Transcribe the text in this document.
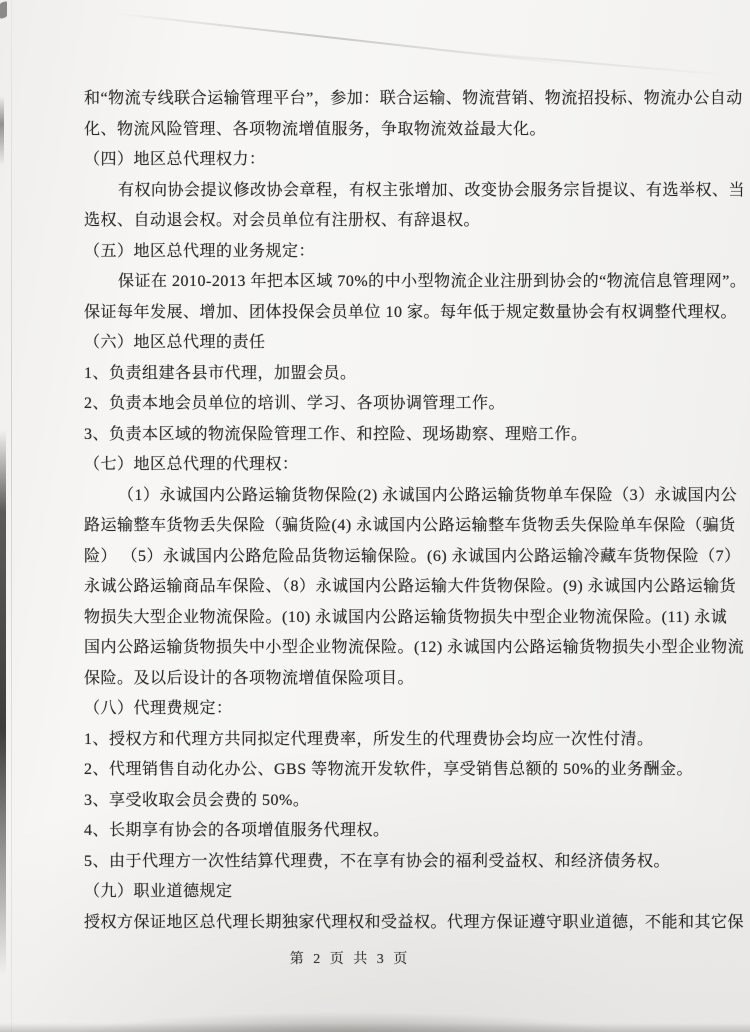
和“物流专线联合运输管理平台”，参加：联合运输、物流营销、物流招投标、物流办公自动
化、物流风险管理、各项物流增值服务，争取物流效益最大化。
（四）地区总代理权力：
有权向协会提议修改协会章程，有权主张增加、改变协会服务宗旨提议、有选举权、当
选权、自动退会权。对会员单位有注册权、有辞退权。
（五）地区总代理的业务规定：
保证在 2010-2013 年把本区域 70%的中小型物流企业注册到协会的“物流信息管理网”。
保证每年发展、增加、团体投保会员单位 10 家。每年低于规定数量协会有权调整代理权。
（六）地区总代理的责任
1、负责组建各县市代理，加盟会员。
2、负责本地会员单位的培训、学习、各项协调管理工作。
3、负责本区域的物流保险管理工作、和控险、现场勘察、理赔工作。
（七）地区总代理的代理权：
（1）永诚国内公路运输货物保险(2) 永诚国内公路运输货物单车保险（3）永诚国内公
路运输整车货物丢失保险（骗货险(4) 永诚国内公路运输整车货物丢失保险单车保险（骗货
险） （5）永诚国内公路危险品货物运输保险。(6) 永诚国内公路运输冷藏车货物保险（7）
永诚公路运输商品车保险、（8）永诚国内公路运输大件货物保险。(9) 永诚国内公路运输货
物损失大型企业物流保险。(10) 永诚国内公路运输货物损失中型企业物流保险。(11) 永诚
国内公路运输货物损失中小型企业物流保险。(12) 永诚国内公路运输货物损失小型企业物流
保险。及以后设计的各项物流增值保险项目。
（八）代理费规定：
1、授权方和代理方共同拟定代理费率，所发生的代理费协会均应一次性付清。
2、代理销售自动化办公、GBS 等物流开发软件，享受销售总额的 50%的业务酬金。
3、享受收取会员会费的 50%。
4、长期享有协会的各项增值服务代理权。
5、由于代理方一次性结算代理费，不在享有协会的福利受益权、和经济债务权。
（九）职业道德规定
授权方保证地区总代理长期独家代理权和受益权。代理方保证遵守职业道德，不能和其它保
第 2 页 共 3 页
